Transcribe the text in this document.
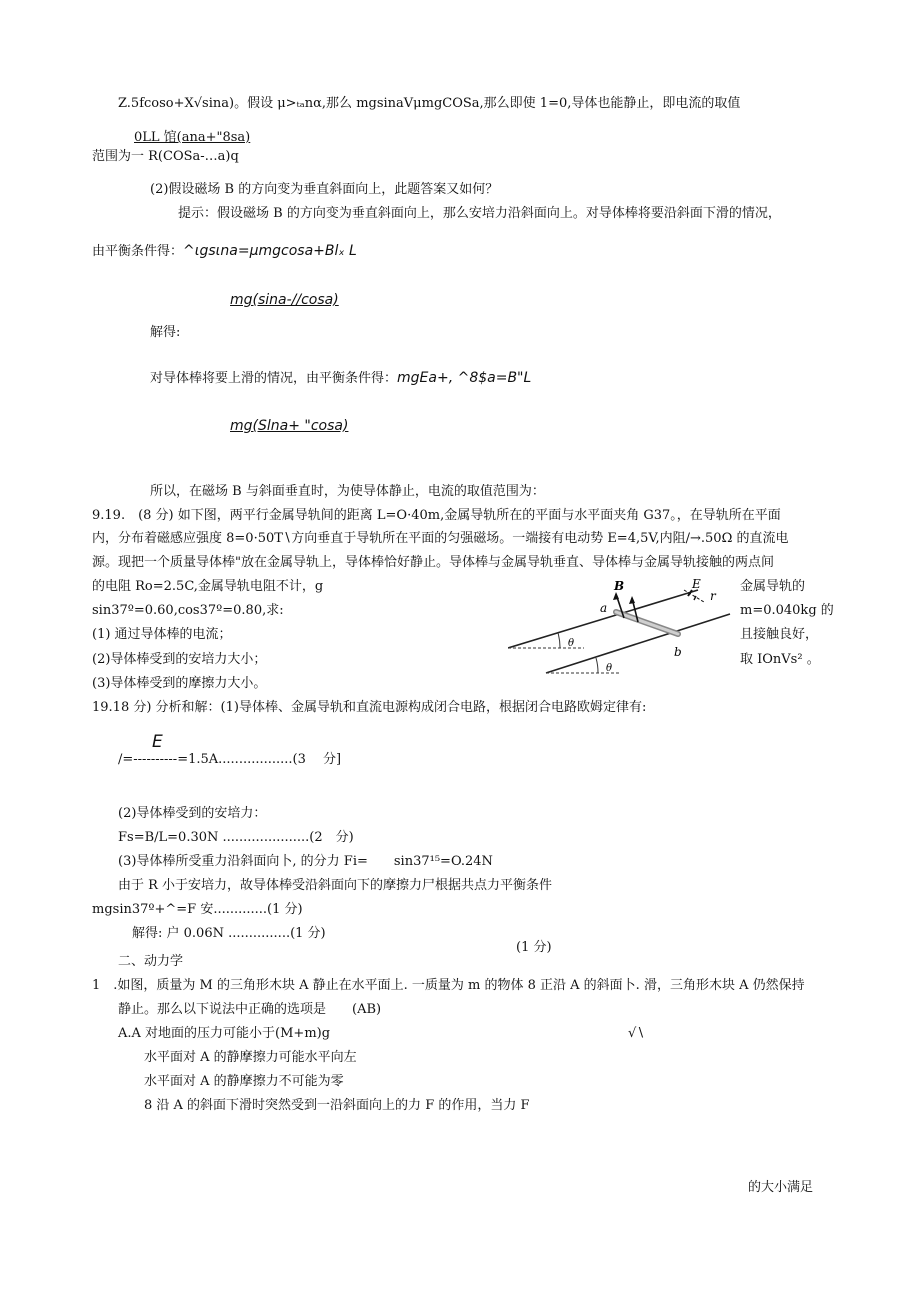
Z.5fcoso+X√sina)。假设 μ>ₜₐnα,那么 mgsinaVμmgCOSa,那么即使 1=0,导体也能静止，即电流的取值
0LL 馆(ana+"8sa)
范围为一 R(COSa-…a)q
(2)假设磁场 B 的方向变为垂直斜面向上，此题答案又如何？
提示：假设磁场 B 的方向变为垂直斜面向上，那么安培力沿斜面向上。对导体棒将要沿斜面下滑的情况，
由平衡条件得：^ιgsιna=μmgcosa+Blₓ L
mg(sina-//cosa)
解得:
对导体棒将要上滑的情况，由平衡条件得：mgEa+, ^8$a=B"L
mg(Slna+ "cosa)
所以，在磁场 B 与斜面垂直时，为使导体静止，电流的取值范围为：
9.19.　(8 分) 如下图，两平行金属导轨间的距离 L=O·40m,金属导轨所在的平面与水平面夹角 G37。，在导轨所在平面
内，分布着磁感应强度 8=0·50T∖方向垂直于导轨所在平面的匀强磁场。一端接有电动势 E=4,5V,内阻/→.50Ω 的直流电
源。现把一个质量导体棒"放在金属导轨上，导体棒恰好静止。导体棒与金属导轨垂直、导体棒与金属导轨接触的两点间
的电阻 Ro=2.5C,金属导轨电阻不计，g	金属导轨的
sin37º=0.60,cos37º=0.80,求:	m=0.040kg 的
(1) 通过导体棒的电流；	且接触良好，
(2)导体棒受到的安培力大小；	取 IOnVs² 。
(3)导体棒受到的摩擦力大小。
19.18 分) 分析和解：(1)导体棒、金属导轨和直流电源构成闭合电路，根据闭合电路欧姆定律有:
E
/=----------=1.5A..................(3　 分]
(2)导体棒受到的安培力：
Fs=B/L=0.30N .....................(2　分)
(3)导体棒所受重力沿斜面向卜, 的分力 Fi=　　sin37¹⁵=O.24N
由于 R 小于安培力，故导体棒受沿斜面向下的摩擦力尸根据共点力平衡条件
mgsin37º+^=F 安.............(1 分)
解得: 户 0.06N ...............(1 分)
(1 分)
二、动力学
1　.如图，质量为 M 的三角形木块 A 静止在水平面上. 一质量为 m 的物体 8 正沿 A 的斜面卜. 滑，三角形木块 A 仍然保持
静止。那么以下说法中正确的选项是　　(AB)
A.A 对地面的压力可能小于(M+m)g	√∖
水平面对 A 的静摩擦力可能水平向左
水平面对 A 的静摩擦力不可能为零
8 沿 A 的斜面下滑时突然受到一沿斜面向上的力 F 的作用，当力 F
的大小满足
B	E
r
a
b
θ
θ
